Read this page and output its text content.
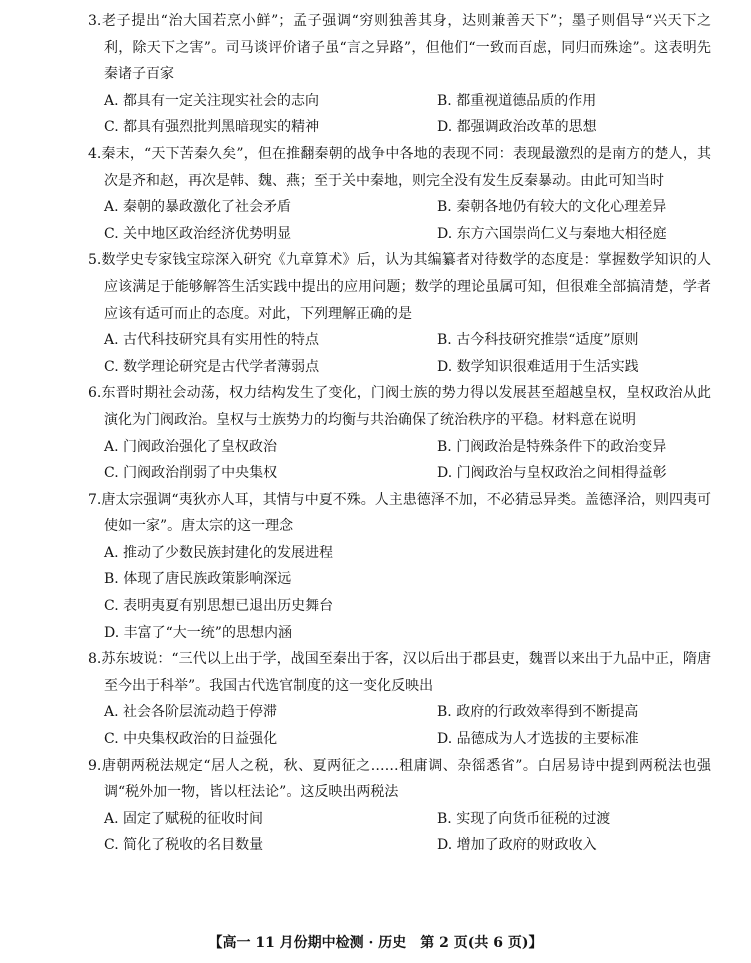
3.老子提出“治大国若烹小鲜”；孟子强调“穷则独善其身，达则兼善天下”；墨子则倡导“兴天下之利，除天下之害”。司马谈评价诸子虽“言之异路”，但他们“一致而百虑，同归而殊途”。这表明先秦诸子百家

A. 都具有一定关注现实社会的志向	B. 都重视道德品质的作用
C. 都具有强烈批判黑暗现实的精神	D. 都强调政治改革的思想

4.秦末，“天下苦秦久矣”，但在推翻秦朝的战争中各地的表现不同：表现最激烈的是南方的楚人，其次是齐和赵，再次是韩、魏、燕；至于关中秦地，则完全没有发生反秦暴动。由此可知当时

A. 秦朝的暴政激化了社会矛盾	B. 秦朝各地仍有较大的文化心理差异
C. 关中地区政治经济优势明显	D. 东方六国崇尚仁义与秦地大相径庭

5.数学史专家钱宝琮深入研究《九章算术》后，认为其编纂者对待数学的态度是：掌握数学知识的人应该满足于能够解答生活实践中提出的应用问题；数学的理论虽属可知，但很难全部搞清楚，学者应该有适可而止的态度。对此，下列理解正确的是

A. 古代科技研究具有实用性的特点	B. 古今科技研究推崇“适度”原则
C. 数学理论研究是古代学者薄弱点	D. 数学知识很难适用于生活实践

6.东晋时期社会动荡，权力结构发生了变化，门阀士族的势力得以发展甚至超越皇权，皇权政治从此演化为门阀政治。皇权与士族势力的均衡与共治确保了统治秩序的平稳。材料意在说明

A. 门阀政治强化了皇权政治	B. 门阀政治是特殊条件下的政治变异
C. 门阀政治削弱了中央集权	D. 门阀政治与皇权政治之间相得益彰

7.唐太宗强调“夷狄亦人耳，其情与中夏不殊。人主患德泽不加，不必猜忌异类。盖德泽洽，则四夷可使如一家”。唐太宗的这一理念

A. 推动了少数民族封建化的发展进程
B. 体现了唐民族政策影响深远
C. 表明夷夏有别思想已退出历史舞台
D. 丰富了“大一统”的思想内涵

8.苏东坡说：“三代以上出于学，战国至秦出于客，汉以后出于郡县吏，魏晋以来出于九品中正，隋唐至今出于科举”。我国古代选官制度的这一变化反映出

A. 社会各阶层流动趋于停滞	B. 政府的行政效率得到不断提高
C. 中央集权政治的日益强化	D. 品德成为人才选拔的主要标准

9.唐朝两税法规定“居人之税，秋、夏两征之……租庸调、杂徭悉省”。白居易诗中提到两税法也强调“税外加一物，皆以枉法论”。这反映出两税法

A. 固定了赋税的征收时间	B. 实现了向货币征税的过渡
C. 简化了税收的名目数量	D. 增加了政府的财政收入
【高一 11 月份期中检测 · 历史　第 2 页(共 6 页)】
